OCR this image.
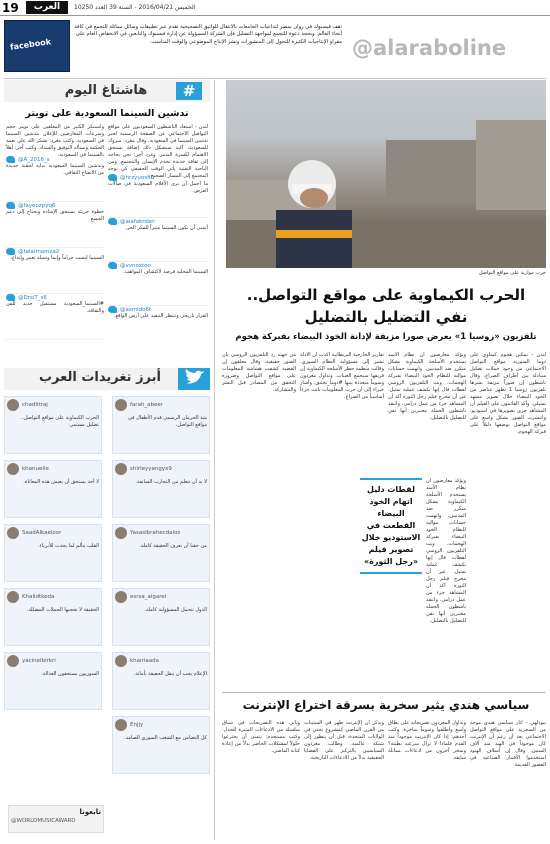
19	العرب	الخميس 2016/04/21 - السنة 39 العدد 10250
facebook
ثقف فيسبوك في روان بمصر لتداعيات الجامعات بالانتقال للواتيق التصحيحية تقدم عبر تطبيقات وسائل مماثلة للتجمع في كافة أنحاء العالم. وبحجة دعوة للتجمع لمواجهة التضليل فإن الشركة المسؤولة عن إدارة فيسبوك والتابعين في الانخفاض العام على مفراو الإنتاجيات الكثيرة للتحول إلى المنشورات ونشر الإنتاج الموضوعي والوقت المناسب. @alaraboline
#
هاشتاغ اليوم
تدشين السينما السعودية على تويتر
لندن - استعاد الناشطون السعوديون على مواقع التواصل الاجتماعي عن الصفحة الرسمية لخبر تدشين السينما في السعودية. وقال مغرد: مبروك للسعودية، أكيد سيشكل ذلك إضافة تستحق الاهتمام لكسرة التدمر. وغرد آخر: نحن بحاجة إلى ثقافة جديدة تخدم الإنسان والمجتمع. ومن الناحية التقنية يأتي الوقت الحقيقي كي نوجه المجتمع إلى المسار الصحيح.
واستنكر الكثير من المعلقين على تويتر حجم وسرعات المعارضين للإعلان بتدشين السينما في السعودية. وكتب مغرد: نشكر الله على نعمة الحكمة ونسأله التوفيق والسداد. وكتب آخر: أهلاً بالسينما في السعودية.
@A_2016_s
وتدشين السينما السعودية بداية لحقبة جديدة من الانفتاح الثقافي.
@fayeozpyq6
خطوة جريئة تستحق الإشادة وتحتاج إلى دعم الجميع.
@talalmamza2
السينما ليست حراماً وإنما وسيلة تعبير وإبداع.
@DrsiT_s6
#السينما_السعودية مستقبل جديد للفن والثقافة.
@hrzyuosfih
ما أجمل أن نرى الأفلام السعودية في صالات العرض.
@alafakrdan
أتمنى أن تكون السينما منبراً للفكر الحر.
@vvnoxtoo
السينما المحلية فرصة لاكتشاف المواهب.
@asmldo6t
القرار تاريخي وننتظر التنفيذ على أرض الواقع.
أبرز تغريدات العرب
farah_abeer
شد الحرمان الرسمي قدم الأطفال في مواقع التواصل.
shirleyyangyx9
لا بد أن نتعلم من التجارب السابقة.
Yasaslbrahecdalos
من حقنا أن نعرف الحقيقة كاملة.
esrsa_algarei
الدول تتحمل المسؤولية كاملة.
khairiaada
الإعلام يجب أن ينقل الحقيقة بأمانة.
Enjjy
كل التضامن مع الشعب السوري الصامد.
chadlitraj
الحرب الكيماوية على مواقع التواصل.. تضليل مستمر.
khanuelle
لا أحد يستحق أن يعيش هذه المعاناة.
SaadAlkaeloor
القلب يتألم لما يحدث للأبرياء.
Khalidtkeda
الحقيقة لا تحجبها الحملات المضللة.
yacinelbirkri
السوريون يستحقون العدالة.
تابعونا
@WORLDMUSICAWARD
حرب موازية على مواقع التواصل
الحرب الكيماوية على مواقع التواصل..
نفي التضليل بالتضليل
تلفزيون «روسيا 1» يعرض صورا مزيفة لإدانة الخوذ البيضاء بفبركة هجوم
لندن - تمكين هجوم كيماوي على دوما السورية مواقع التواصل الاجتماعي من وجود حملات تضليل متبادلة بين أطراف الصراع. وقال ناشطون إن صوراً مزيفة نشرها تلفزيون روسيا 1 تظهر عناصر من الخوذ البيضاء خلال تصوير مشهد تمثيلي. وأكد القائمون على الفيلم أن المشاهد جرى تصويرها في استوديو. وانتشرت الصور بشكل واسع على مواقع التواصل بوصفها دليلاً على فبركة الهجوم.
ويؤكد معارضون أن نظام الأسد يستخدم الأسلحة الكيماوية بشكل متكرر ضد المدنيين. واتهمت حسابات موالية للنظام الخوذ البيضاء بفبركة الهجمات. وبث التلفزيون الروسي لقطات قال إنها تكشف عملية تمثيل. غير أن مخرج فيلم رجل الثورة أكد أن المشاهد جزء من عمل درامي. وانتقد ناشطون الحملة معتبرين أنها نفي للتضليل بالتضليل.
لقطات دليل اتهام الخوذ البيضاء القطعت في الاستوديو خلال تصوير فيلم «رجل الثورة»
ويؤكد معارضون أن نظام الأسد يستخدم الأسلحة الكيماوية بشكل متكرر ضد المدنيين. واتهمت حسابات موالية للنظام الخوذ البيضاء بفبركة الهجمات. وبث التلفزيون الروسي لقطات قال إنها تكشف عملية تمثيل. غير أن مخرج فيلم رجل الثورة أكد أن المشاهد جزء من عمل درامي. وانتقد ناشطون الحملة معتبرين أنها نفي للتضليل بالتضليل.
تقارير الخارجية البريطانية أكدت أن الأدلة تشير إلى مسؤولية النظام السوري. وقالت منظمة حظر الأسلحة الكيماوية إن فريقها سيجمع العينات. وتداول مغردون وسوماً متعددة بينها #دوما_تختنق. وأشار خبراء إلى أن حرب المعلومات باتت جزءاً أساسياً من الصراع.
من جهته رد التلفزيون الروسي بأن الصور حقيقية. وقال معلقون إن القضية كشفت هشاشة المعلومات على مواقع التواصل وضرورة التحقق من المصادر قبل النشر والمشاركة.
سياسي هندي يثير سخرية بسرقة اختراع الإنترنت
نيودلهي - أثار سياسي هندي موجة من السخرية على مواقع التواصل الاجتماعي بعد أن زعم أن الإنترنت كان موجوداً في الهند منذ آلاف السنين. وقال إن أسلاف الهنود استخدموا الأقمار الصناعية في العصور القديمة.
وتداول المغردون تصريحاته على نطاق واسع وأطلقوا وسوماً ساخرة. وكتب أحدهم: إذا كان الإنترنت موجوداً منذ القدم فلماذا لا تزال سرعته بطيئة؟ وسخر آخرون من ادعاءات مماثلة سابقة.
ويذكر أن الإنترنت ظهر في الستينات من القرن الماضي كمشروع بحثي في الولايات المتحدة، قبل أن يتطور إلى شبكة عالمية. وطالب مغردون السياسيين بالتركيز على القضايا الحقيقية بدلاً من الادعاءات التاريخية.
وتأتي هذه التصريحات في سياق سلسلة من الادعاءات المثيرة للجدل. وكتب مستخدم: نتمنى أن يخترعوا حلولاً لمشكلات الحاضر بدلاً من إعادة كتابة الماضي.
